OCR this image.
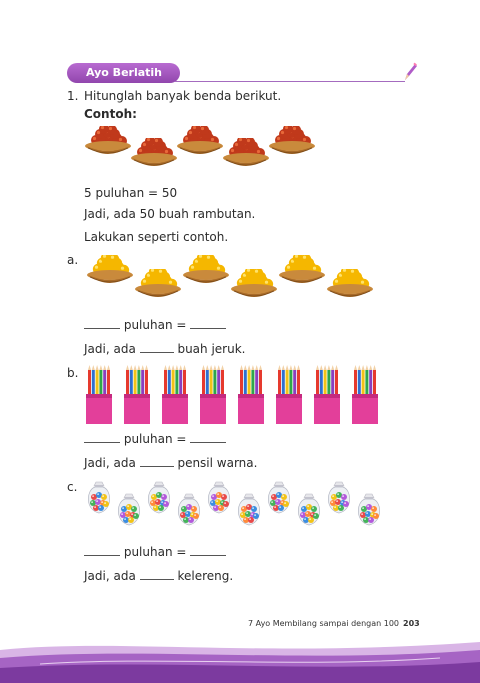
Ayo Berlatih
1. Hitunglah banyak benda berikut.
Contoh:
5 puluhan = 50
Jadi, ada 50 buah rambutan.
Lakukan seperti contoh.
a.
puluhan =
Jadi, ada	buah jeruk.
b.
puluhan =
Jadi, ada	pensil warna.
c.
puluhan =
Jadi, ada	kelereng.
7 Ayo Membilang sampai dengan 100 203
